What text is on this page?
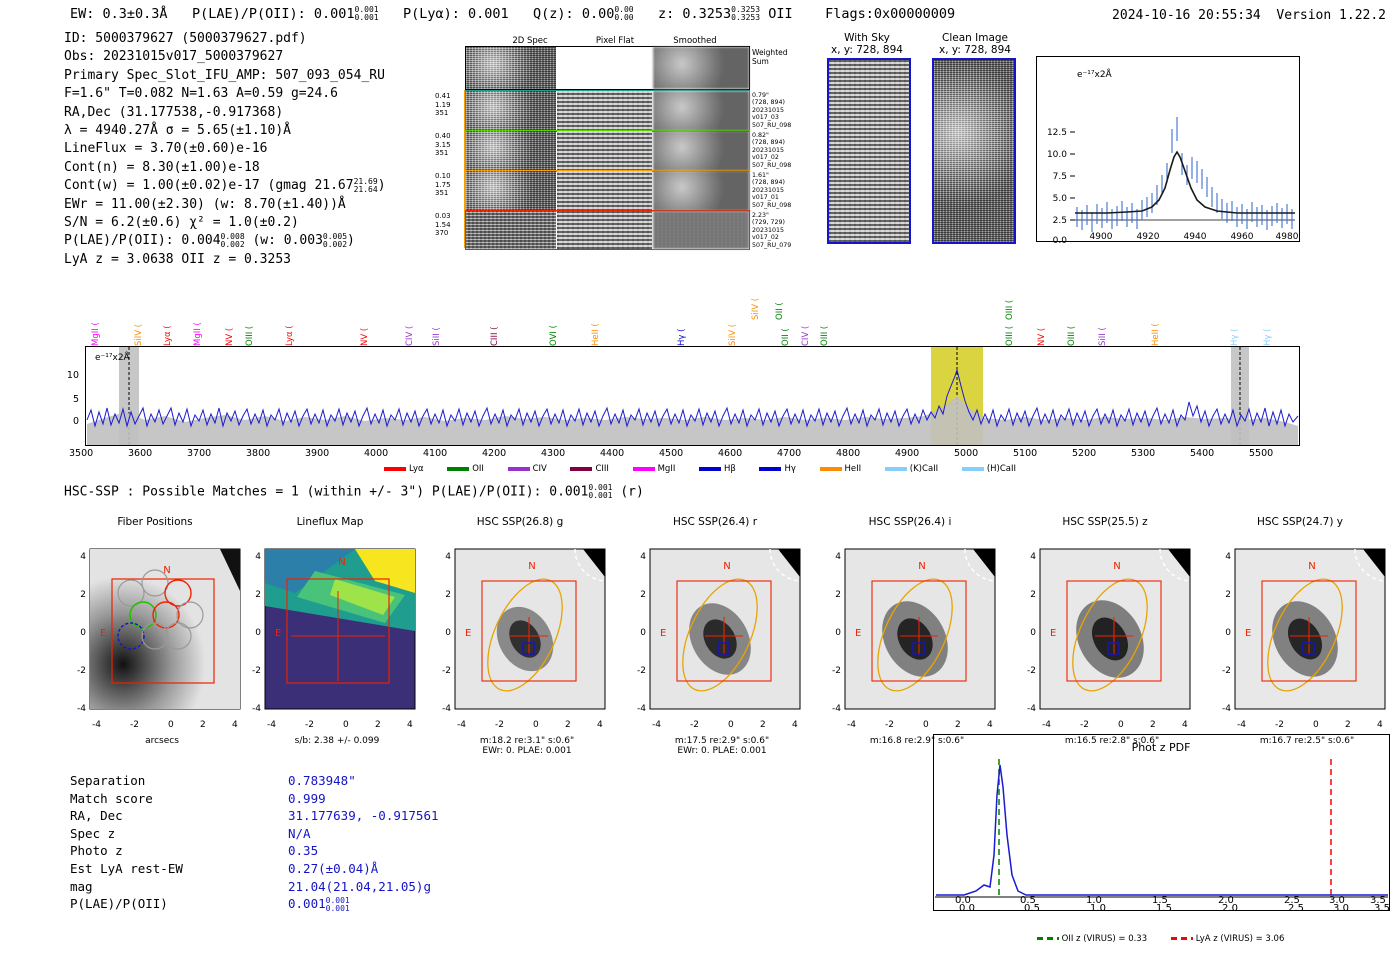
EW: 0.3±0.3Å P(LAE)/P(OII): 0.0010.001
0.001 P(Lyα): 0.001 Q(z): 0.000.00
0.00 z: 0.32530.3253
0.3253 OII Flags:0x00000009	2024-10-16 20:55:34 Version 1.22.2
ID: 5000379627 (5000379627.pdf)
Obs: 20231015v017_5000379627
Primary Spec_Slot_IFU_AMP: 507_093_054_RU
F=1.6" T=0.082 N=1.63 A=0.59 g=24.6
RA,Dec (31.177538,-0.917368)
λ = 4940.27Å σ = 5.65(±1.10)Å
LineFlux = 3.70(±0.60)e-16
Cont(n) = 8.30(±1.00)e-18
Cont(w) = 1.00(±0.02)e-17 (gmag 21.6721.69
21.64)
EWr = 11.00(±2.30) (w: 8.70(±1.40))Å
S/N = 6.2(±0.6) χ² = 1.0(±0.2)
P(LAE)/P(OII): 0.0040.008
0.002 (w: 0.0030.005
0.002)
LyA z = 3.0638 OII z = 0.3253
2D Spec	Pixel Flat	Smoothed
Weighted
Sum
0.41
1.19
351
0.40
3.15
351
0.10
1.75
351
0.03
1.54
370
0.79"
(728, 894)
20231015
v017_03
507_RU_098
0.82"
(728, 894)
20231015
v017_02
507_RU_098
1.61"
(728, 894)
20231015
v017_01
507_RU_098
2.23"
(729, 729)
20231015
v017_02
507_RU_079
With Sky
x, y: 728, 894
Clean Image
x, y: 728, 894
12.5
10.0
7.5
5.0
2.5
0.0
e⁻¹⁷x2Å
4900	4920	4940	4960 4980
MgII (	SiIV ( Lyα ( MgII (	NV ( OIII (	Lyα (	NV (	CIV ( SiII (	CIII (	OVI (	HeII (	Hγ (	SiIV (
SiIV ( OII (
OII ( CIV ( OIII (
OIII (
OIII (	NV ( OIII ( SiII (	HeII (	Hγ (	Hγ (
10
5
0
e⁻¹⁷x2Å
3500	3600	3700	3800	3900	4000	4100	4200	4300	4400	4500	4600	4700	4800	4900	5000	5100	5200	5300	5400	5500
Lyα
	OII
	CIV
	CIII
	MgII
	Hβ
	Hγ
	HeII
	(K)CaII
	(H)CaII
HSC-SSP : Possible Matches = 1 (within +/- 3") P(LAE)/P(OII): 0.0010.001
0.001 (r)
Fiber Positions
4
2
0
-2
-4
-4	-2	0	2	4
N
E
arcsecs
Lineflux Map
4
2
0
-2
-4
-4	-2	0	2	4
N
E
s/b: 2.38 +/- 0.099
HSC SSP(26.8) g
4
2
0
-2
-4
-4	-2	0	2	4
N
E
m:18.2 re:3.1" s:0.6"
EWr: 0. PLAE: 0.001
HSC SSP(26.4) r
4
2
0
-2
-4
-4	-2	0	2	4
N
E
m:17.5 re:2.9" s:0.6"
EWr: 0. PLAE: 0.001
HSC SSP(26.4) i
4
2
0
-2
-4
-4	-2	0	2	4
N
E
m:16.8 re:2.9" s:0.6"
HSC SSP(25.5) z
4
2
0
-2
-4
-4	-2	0	2	4
N
E
m:16.5 re:2.8" s:0.6"
HSC SSP(24.7) y
4
2
0
-2
-4
-4	-2	0	2	4
N
E
m:16.7 re:2.5" s:0.6"
Separation	0.783948"
Match score	0.999
RA, Dec	31.177639, -0.917561
Spec z	N/A
Photo z	0.35
Est LyA rest-EW	0.27(±0.04)Å
mag	21.04(21.04,21.05)g
P(LAE)/P(OII)	0.0010.001
0.001
Phot z PDF
0.0	0.5	1.0	1.5	2.0	2.5	3.0	3.5
0.0	0.5	1.0	1.5	2.0	2.5	3.0	3.5
OII z (VIRUS) = 0.33
	LyA z (VIRUS) = 3.06
